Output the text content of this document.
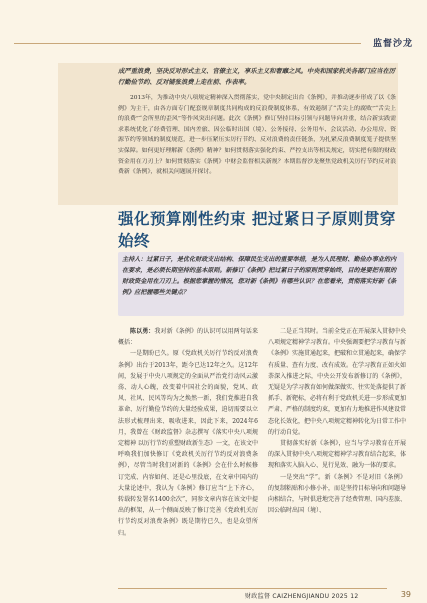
监督沙龙
成严重浪费，坚决反对形式主义、官僚主义，享乐主义和奢靡之风。中央和国家机关各部门应当在厉行勤俭节约、反对铺张浪费上走在前、作表率。
2013年，为推动中央八项规定精神深入贯彻落实，党中央制定出台《条例》，并推动逐步形成了以《条例》为主干，由各方面专门配套规章制度共同构成的反浪费制度体系，有效遏制了“舌尖上的腐败”“舌尖上的浪费”“会所里的歪风”等作风突出问题。此次《条例》修订坚持目标引领与问题导向并重，结合新实践需求系统优化了经费管理、国内差旅、因公临时出国（境）、公务接待、公务用车、会议活动、办公用房、资源节约等领域的制度规范，进一步压紧压实厉行节约、反对浪费的责任链条，为扎紧反浪费制度笼子提供坚实保障。如何更好理解新《条例》精神？如何贯彻落实强化约束、严控支出等相关规定，切实把有限的财政资金用在刀刃上？如何贯彻落实《条例》中财会监督相关新规？本期监督沙龙聚焦党政机关厉行节约反对浪费新《条例》，就相关问题展开探讨。
强化预算刚性约束 把过紧日子原则贯穿始终
主持人：过紧日子，是优化财政支出结构、保障民生支出的重要举措，是为人民理财、勤俭办事业的内在要求，是必须长期坚持的基本原则。新修订《条例》把过紧日子的原则贯穿始终，目的是要把有限的财政资金用在刀刃上。根据您掌握的情况，您对新《条例》有哪些认识？在您看来，贯彻落实好新《条例》应把握哪些关键点？

陈以勇：我对新《条例》的认识可以用两句话来概括：

一是期盼已久。原《党政机关厉行节约反对浪费条例》出台于2013年，距今已达12年之久。这12年间，发展于中央八项规定的全面从严治党行动风云激荡、动人心魄，改变着中国社会的面貌，党风、政风、社风、民风等均为之焕然一新，我们党推进自我革命、厉行勤俭节约的大量经验成果，迫切需要以立法形式梳理出来、吸收进来，因此下来，2024年6月，我曾在《财政监督》杂志撰写《落实中央八项规定精神 以厉行节约重塑财政新生态》一文，在该文中呼唤我们加快修订《党政机关厉行节约反对浪费条例》，尽管当时我们对新的《条例》会在什么时候修订完成、内容如何、还是心里没底，在文章中国内的大量论述中，我认为《条例》修订应当“上下齐心，转载转发署名1400余次”，同参文章内容在该文中提出的框架，从一个侧面反映了修订完善《党政机关厉行节约反对浪费条例》既是期待已久，也是众望所归。

二是正当其时。当前全党正在开展深入贯彻中央八项规定精神学习教育。中央强调要把学习教育与新《条例》实施贯通起来，把破和立贯通起来，确保学有质量、查有力度、改有成效。在学习教育正如火如荼深入推进之际，中央公开发布新修订的《条例》，无疑是为学习教育如何做深做实、往实处落提供了新抓手、新靶标，必将有利于党政机关进一步形成更加严肃、严格的制度约束，更加有力地推进作风建设常态化长效化，把中央八项规定精神转化为日常工作中的行动自觉。

贯彻落实好新《条例》，应当与学习教育在开展的深入贯彻中央八项规定精神学习教育结合起来，体现和落实入脑入心、见行见效、融为一体的要求。

一是突出“学”。新《条例》不是对旧《条例》的复制粘贴和小修小补，而是坚持目标导向和问题导向相结合，与时俱进地完善了经费管理、国内差旅、因公临时出国（境）、

财政监督 CAIZHENGJIANDU 2025 12	39
